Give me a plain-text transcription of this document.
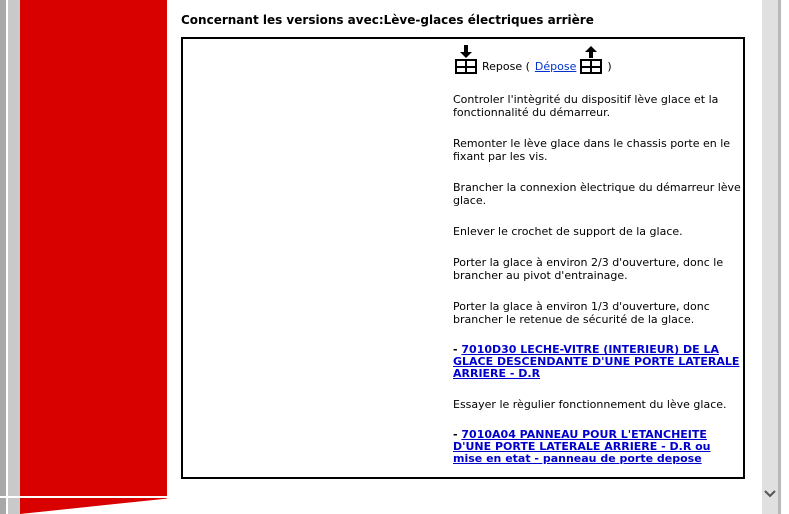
Concernant les versions avec:Lève-glaces électriques arrière
Repose ( Dépose	)
Controler l'intègrité du dispositif lève glace et la fonctionnalité du démarreur.
Remonter le lève glace dans le chassis porte en le fixant par les vis.
Brancher la connexion èlectrique du démarreur lève glace.
Enlever le crochet de support de la glace.
Porter la glace à environ 2/3 d'ouverture, donc le brancher au pivot d'entrainage.
Porter la glace à environ 1/3 d'ouverture, donc brancher le retenue de sécurité de la glace.
- 7010D30 LECHE-VITRE (INTERIEUR) DE LA GLACE DESCENDANTE D'UNE PORTE LATERALE ARRIERE - D.R
Essayer le règulier fonctionnement du lève glace.
- 7010A04 PANNEAU POUR L'ETANCHEITE D'UNE PORTE LATERALE ARRIERE - D.R ou mise en etat - panneau de porte depose
